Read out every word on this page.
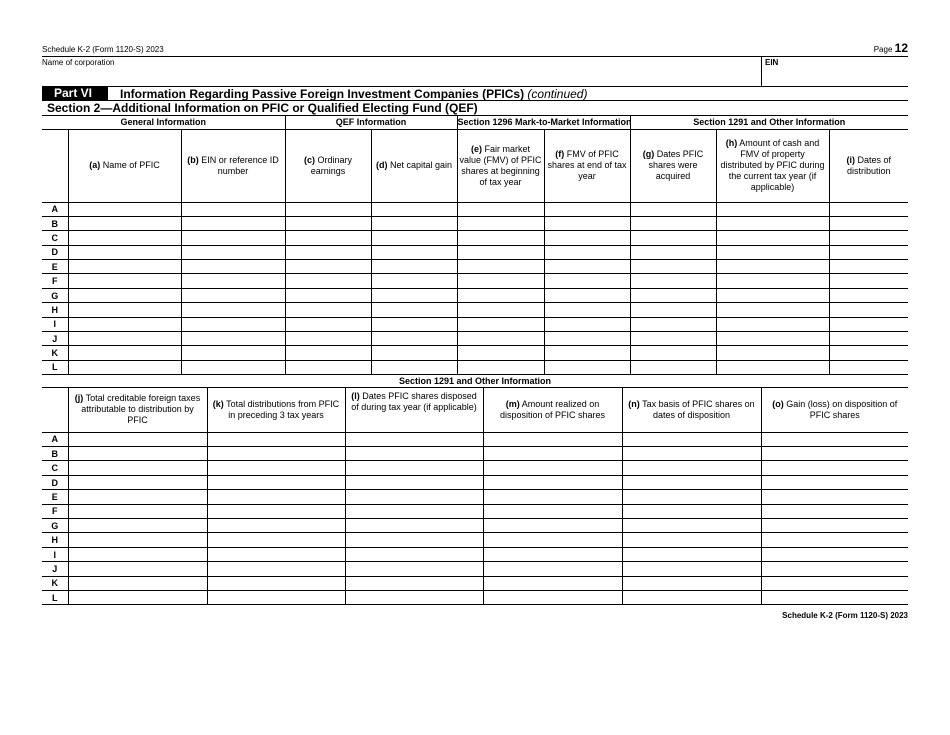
Schedule K-2 (Form 1120-S) 2023	Page 12
Name of corporation	EIN
Part VI	Information Regarding Passive Foreign Investment Companies (PFICs) (continued)
Section 2—Additional Information on PFIC or Qualified Electing Fund (QEF)
General Information			QEF Information		Section 1296 Mark-to-Market Information		Section 1291 and Other Information		
	(a) Name of PFIC	(b) EIN or reference ID number	(c) Ordinary earnings	(d) Net capital gain	(e) Fair market value (FMV) of PFIC shares at beginning of tax year	(f) FMV of PFIC shares at end of tax year	(g) Dates PFIC shares were acquired	(h) Amount of cash and FMV of property distributed by PFIC during the current tax year (if applicable)	(i) Dates of distribution
A									
B									
C									
D									
E									
F									
G									
H									
I									
J									
K									
L									
Section 1291 and Other Information
	(j) Total creditable foreign taxes attributable to distribution by PFIC	(k) Total distributions from PFIC in preceding 3 tax years	(l) Dates PFIC shares disposed of during tax year (if applicable)	(m) Amount realized on disposition of PFIC shares	(n) Tax basis of PFIC shares on dates of disposition	(o) Gain (loss) on disposition of PFIC shares
A						
B						
C						
D						
E						
F						
G						
H						
I						
J						
K						
L						
Schedule K-2 (Form 1120-S) 2023
